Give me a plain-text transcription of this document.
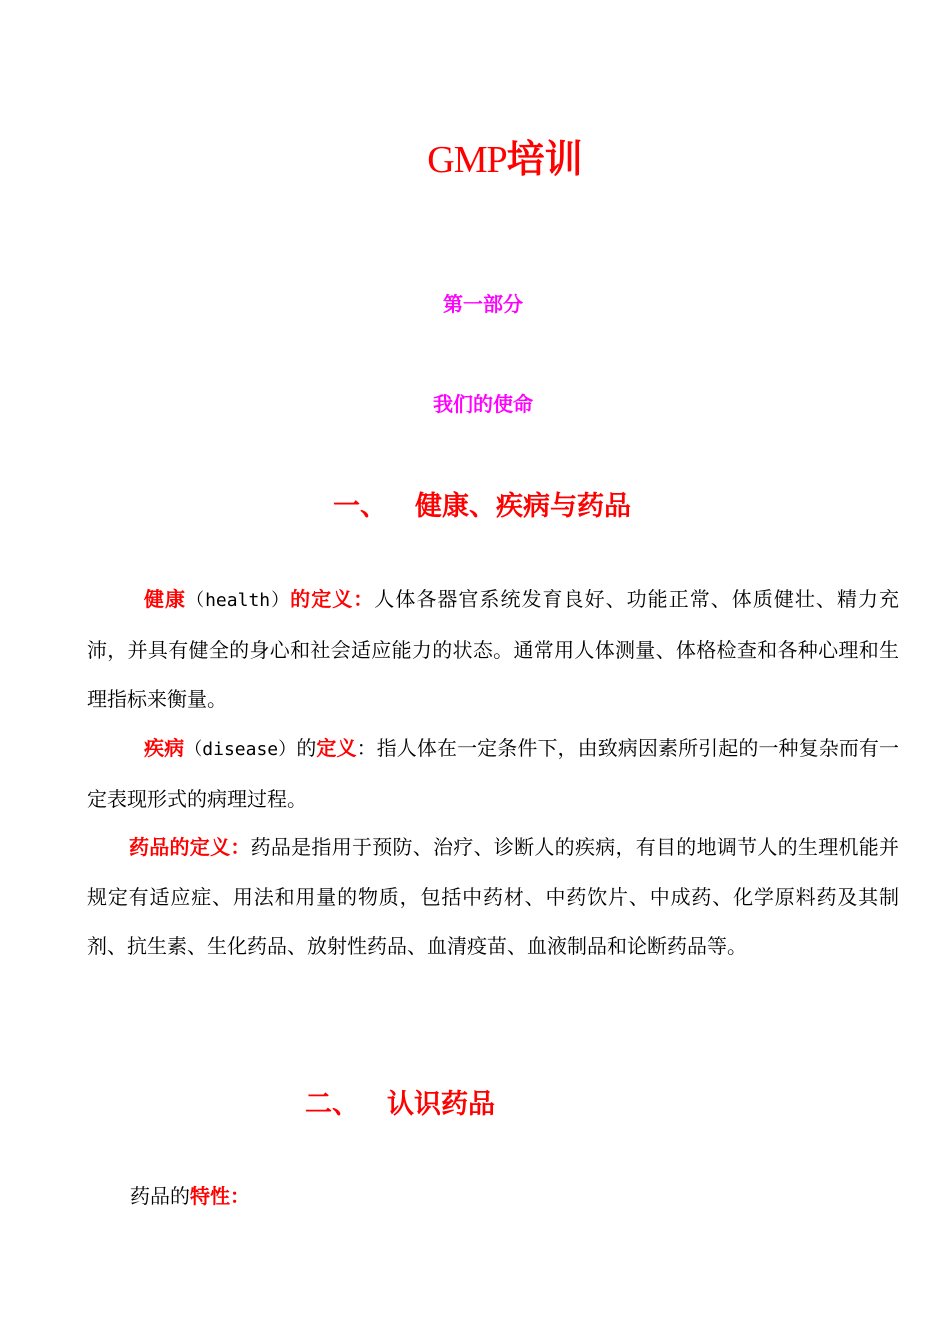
GMP培训
第一部分
我们的使命
一、 健康、疾病与药品
健康（health）的定义：人体各器官系统发育良好、功能正常、体质健壮、精力充沛，并具有健全的身心和社会适应能力的状态。通常用人体测量、体格检查和各种心理和生理指标来衡量。
疾病（disease）的定义：指人体在一定条件下，由致病因素所引起的一种复杂而有一定表现形式的病理过程。
药品的定义：药品是指用于预防、治疗、诊断人的疾病，有目的地调节人的生理机能并规定有适应症、用法和用量的物质，包括中药材、中药饮片、中成药、化学原料药及其制剂、抗生素、生化药品、放射性药品、血清疫苗、血液制品和论断药品等。
二、 认识药品
药品的特性：
